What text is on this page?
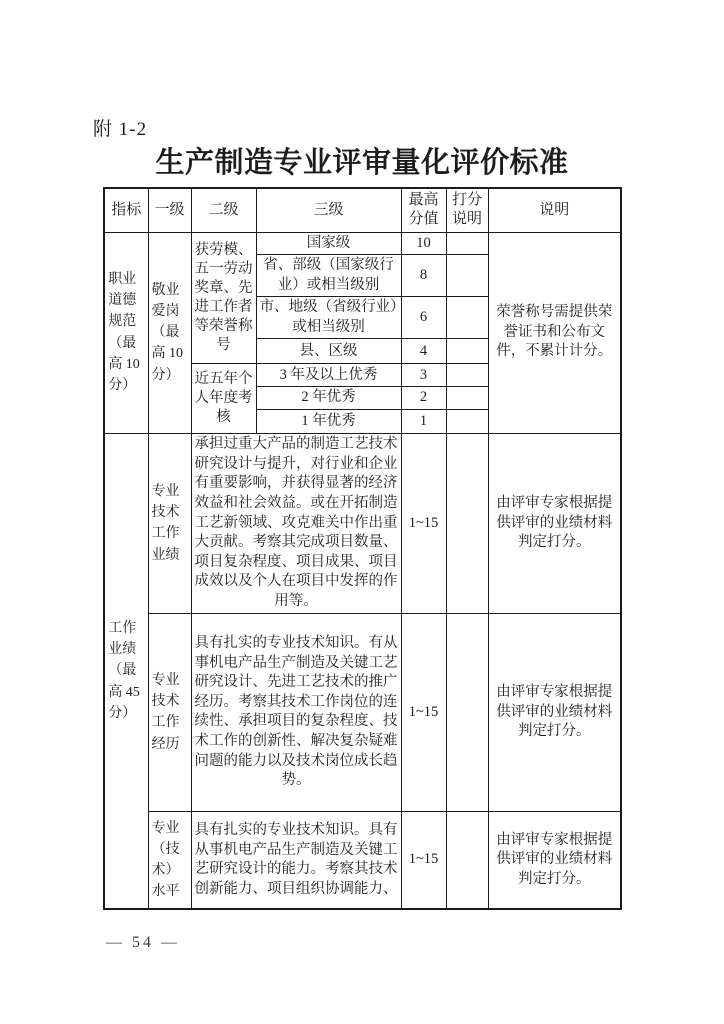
附 1-2
生产制造专业评审量化评价标准
指标	一级	二级	三级	最高分值	打分说明	说明

职业道德规范（最高 10 分）	敬业爱岗（最高 10 分）	获劳模、五一劳动奖章、先进工作者等荣誉称号	国家级	10		荣誉称号需提供荣誉证书和公布文件，不累计计分。
			省、部级（国家级行业）或相当级别	8		
			市、地级（省级行业）或相当级别	6		
			县、区级	4		

		近五年个人年度考核	3 年及以上优秀	3		
			2 年优秀	2		
			1 年优秀	1		

工作业绩（最高 45 分）	专业技术工作业绩	承担过重大产品的制造工艺技术研究设计与提升，对行业和企业有重要影响，并获得显著的经济效益和社会效益。或在开拓制造工艺新领域、攻克难关中作出重大贡献。考察其完成项目数量、项目复杂程度、项目成果、项目成效以及个人在项目中发挥的作用等。		1~15		由评审专家根据提供评审的业绩材料判定打分。

	专业技术工作经历	具有扎实的专业技术知识。有从事机电产品生产制造及关键工艺研究设计、先进工艺技术的推广经历。考察其技术工作岗位的连续性、承担项目的复杂程度、技术工作的创新性、解决复杂疑难问题的能力以及技术岗位成长趋势。		1~15		由评审专家根据提供评审的业绩材料判定打分。

	专业（技术）水平	具有扎实的专业技术知识。具有从事机电产品生产制造及关键工艺研究设计的能力。考察其技术创新能力、项目组织协调能力、		1~15		由评审专家根据提供评审的业绩材料判定打分。
— 54 —
